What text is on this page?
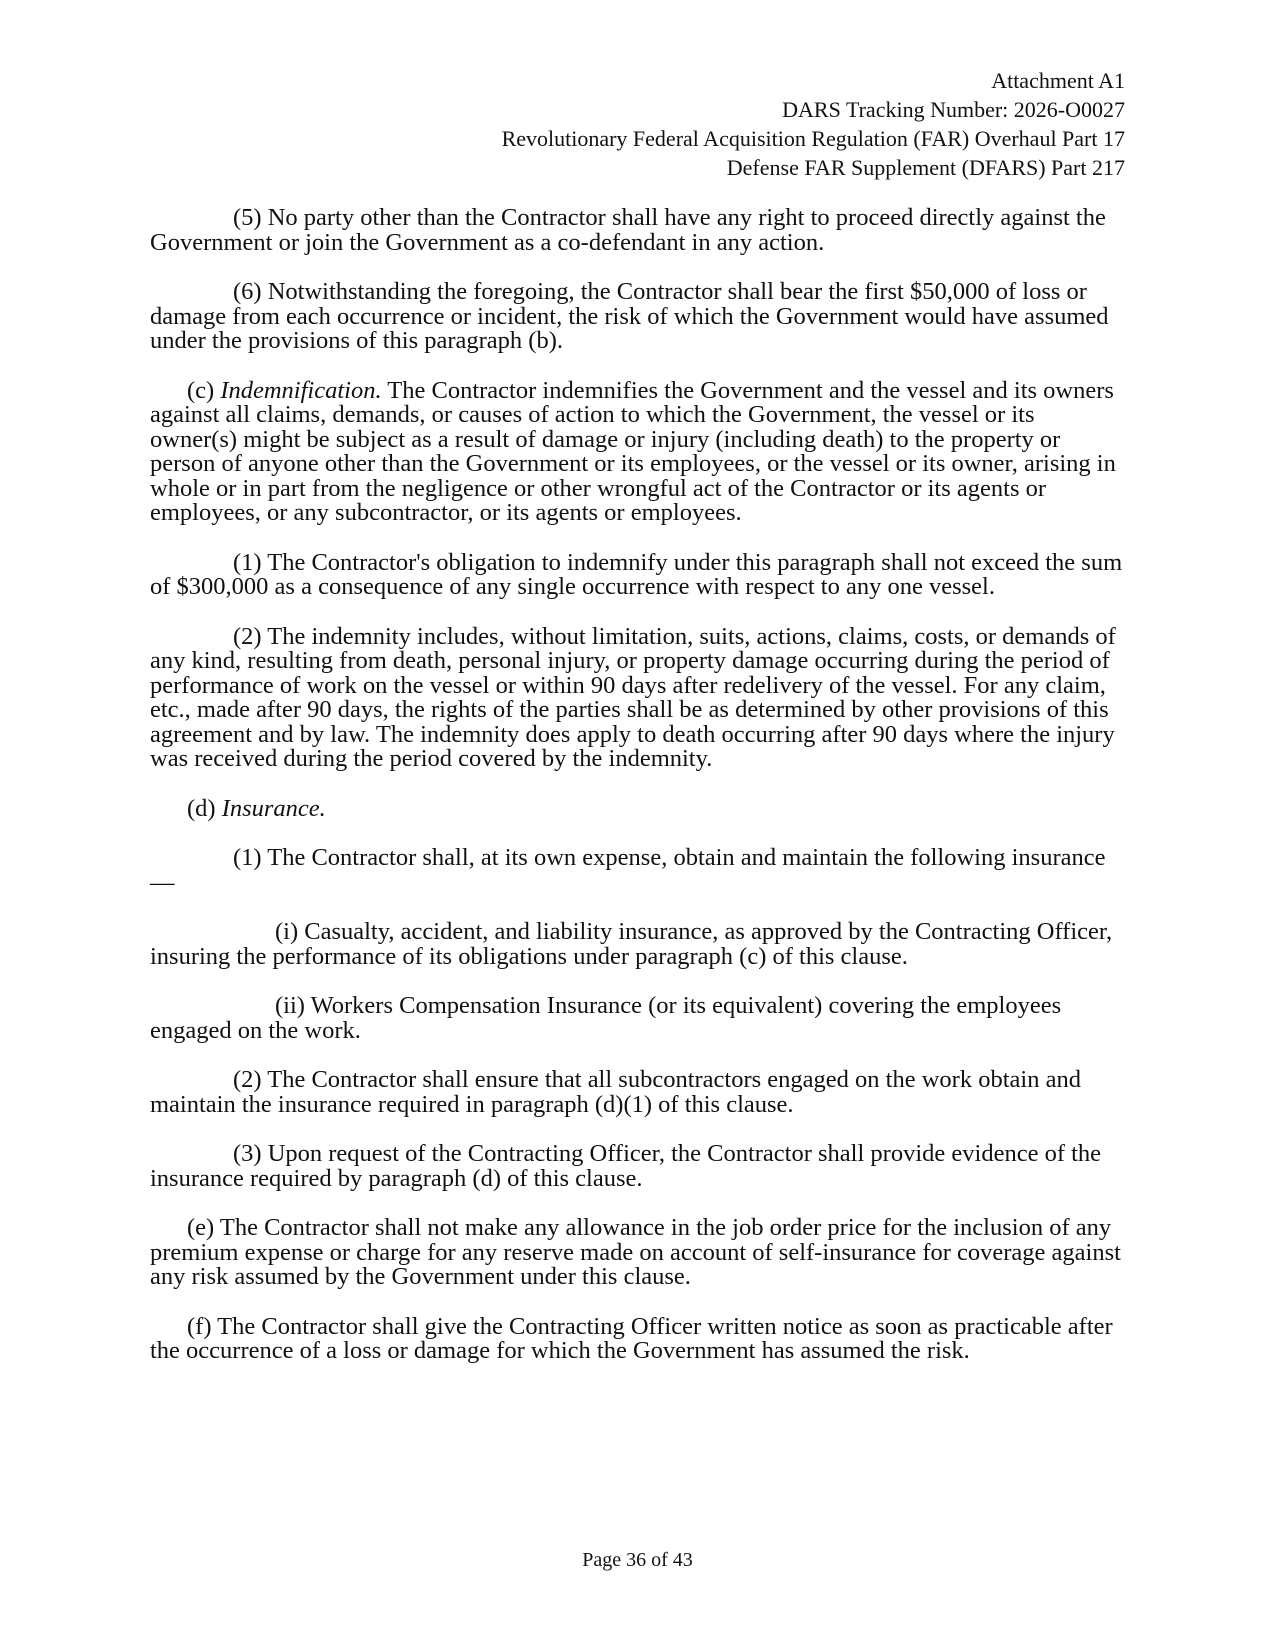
Attachment A1
DARS Tracking Number: 2026-O0027
Revolutionary Federal Acquisition Regulation (FAR) Overhaul Part 17
Defense FAR Supplement (DFARS) Part 217

(5) No party other than the Contractor shall have any right to proceed directly against the Government or join the Government as a co-defendant in any action.

(6) Notwithstanding the foregoing, the Contractor shall bear the first $50,000 of loss or damage from each occurrence or incident, the risk of which the Government would have assumed under the provisions of this paragraph (b).

(c) Indemnification. The Contractor indemnifies the Government and the vessel and its owners against all claims, demands, or causes of action to which the Government, the vessel or its owner(s) might be subject as a result of damage or injury (including death) to the property or person of anyone other than the Government or its employees, or the vessel or its owner, arising in whole or in part from the negligence or other wrongful act of the Contractor or its agents or employees, or any subcontractor, or its agents or employees.

(1) The Contractor's obligation to indemnify under this paragraph shall not exceed the sum of $300,000 as a consequence of any single occurrence with respect to any one vessel.

(2) The indemnity includes, without limitation, suits, actions, claims, costs, or demands of any kind, resulting from death, personal injury, or property damage occurring during the period of performance of work on the vessel or within 90 days after redelivery of the vessel. For any claim, etc., made after 90 days, the rights of the parties shall be as determined by other provisions of this agreement and by law. The indemnity does apply to death occurring after 90 days where the injury was received during the period covered by the indemnity.

(d) Insurance.

(1) The Contractor shall, at its own expense, obtain and maintain the following insurance—

(i) Casualty, accident, and liability insurance, as approved by the Contracting Officer, insuring the performance of its obligations under paragraph (c) of this clause.

(ii) Workers Compensation Insurance (or its equivalent) covering the employees engaged on the work.

(2) The Contractor shall ensure that all subcontractors engaged on the work obtain and maintain the insurance required in paragraph (d)(1) of this clause.

(3) Upon request of the Contracting Officer, the Contractor shall provide evidence of the insurance required by paragraph (d) of this clause.

(e) The Contractor shall not make any allowance in the job order price for the inclusion of any premium expense or charge for any reserve made on account of self-insurance for coverage against any risk assumed by the Government under this clause.

(f) The Contractor shall give the Contracting Officer written notice as soon as practicable after the occurrence of a loss or damage for which the Government has assumed the risk.

Page 36 of 43
